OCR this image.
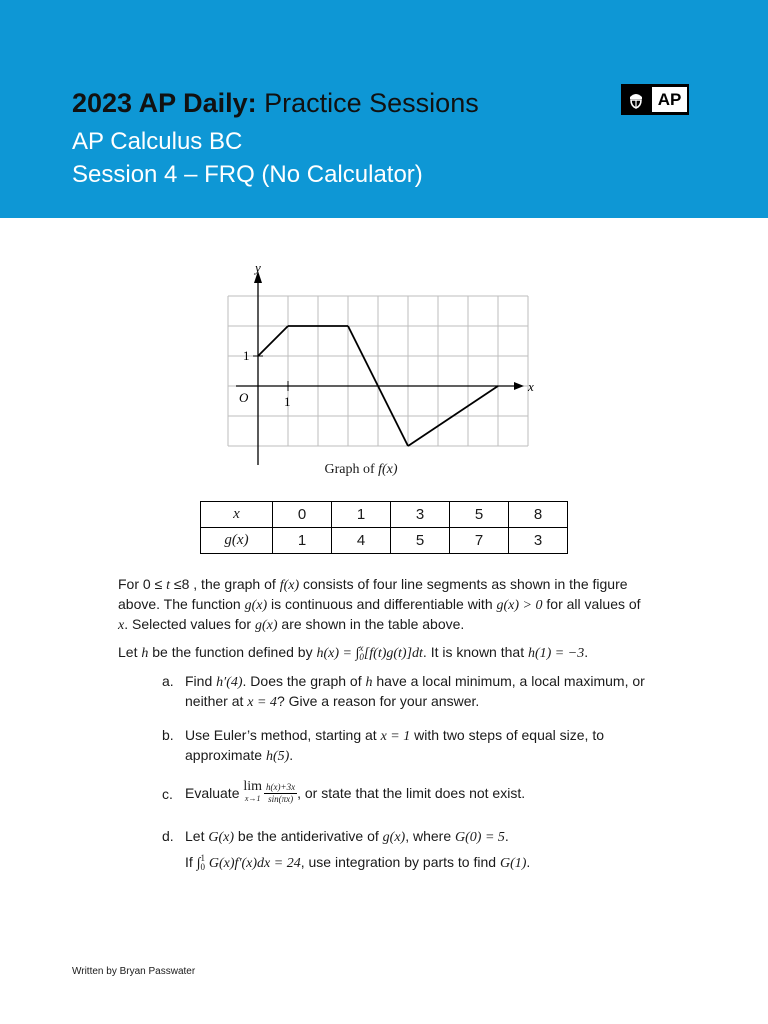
2023 AP Daily: Practice Sessions
AP Calculus BC
Session 4 – FRQ (No Calculator)
AP
y
x
O
1
1
Graph of f(x)
x	0	1	3	5	8
g(x)	1	4	5	7	3
For 0 ≤ t ≤8 , the graph of f(x) consists of four line segments as shown in the figure
above. The function g(x) is continuous and differentiable with g(x) > 0 for all values of
x. Selected values for g(x) are shown in the table above.
Let h be the function defined by h(x) = ∫ x
0 [f(t)g(t)]dt. It is known that h(1) = −3.
a. Find h′(4). Does the graph of h have a local minimum, a local maximum, or
neither at x = 4? Give a reason for your answer.
b. Use Euler’s method, starting at x = 1 with two steps of equal size, to
approximate h(5).
c. Evaluate
lim
$x\to 1 \frac{h(x)+3x}{\sin(\pi x)}$ , or state that the limit does not exist.
d. Let G(x) be the antiderivative of g(x), where G(0) = 5.
If ∫ 1
0 G(x)f′(x)dx = 24, use integration by parts to find G(1).
Written by Bryan Passwater
